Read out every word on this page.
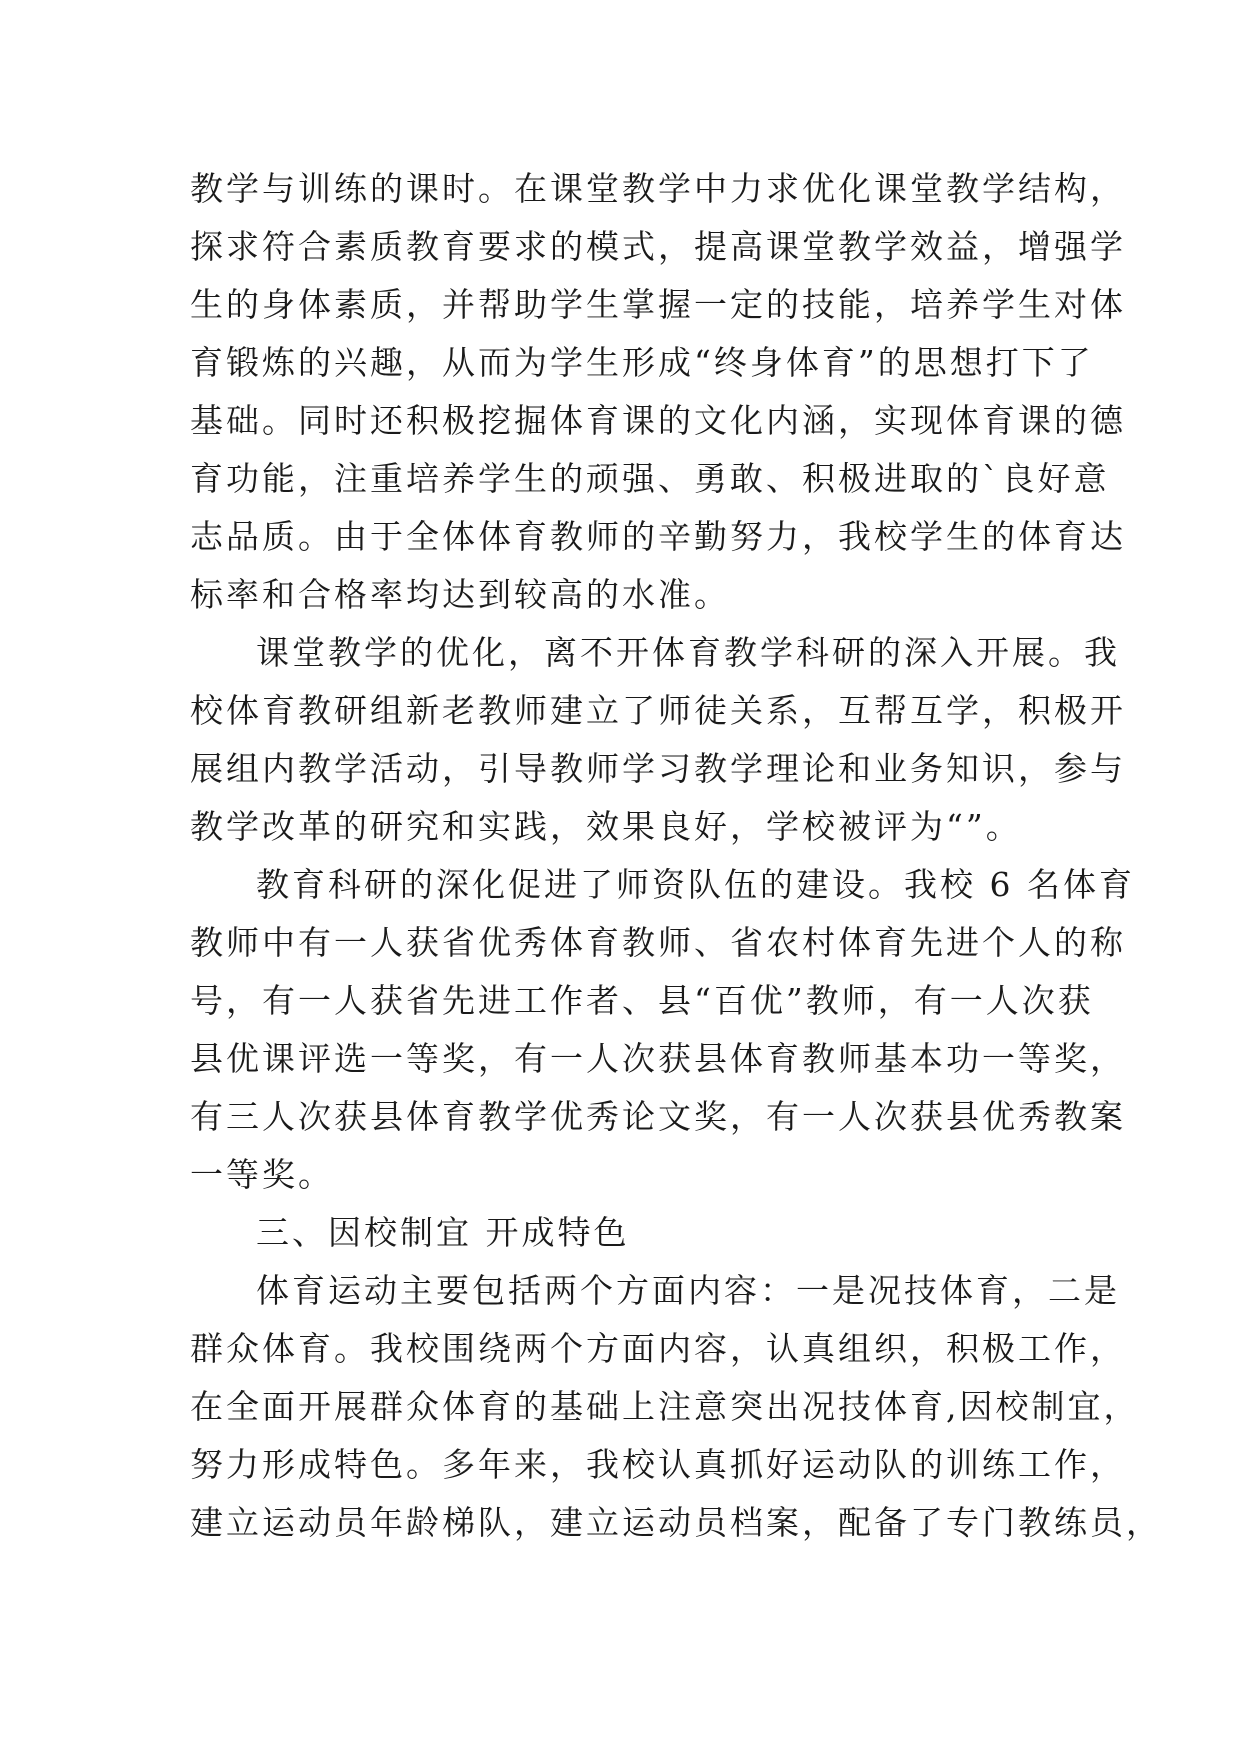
教学与训练的课时。在课堂教学中力求优化课堂教学结构，
探求符合素质教育要求的模式，提高课堂教学效益，增强学
生的身体素质，并帮助学生掌握一定的技能，培养学生对体
育锻炼的兴趣，从而为学生形成“终身体育”的思想打下了
基础。同时还积极挖掘体育课的文化内涵，实现体育课的德
育功能，注重培养学生的顽强、勇敢、积极进取的`良好意
志品质。由于全体体育教师的辛勤努力，我校学生的体育达
标率和合格率均达到较高的水准。

课堂教学的优化，离不开体育教学科研的深入开展。我
校体育教研组新老教师建立了师徒关系，互帮互学，积极开
展组内教学活动，引导教师学习教学理论和业务知识，参与
教学改革的研究和实践，效果良好，学校被评为“”。

教育科研的深化促进了师资队伍的建设。我校 6 名体育
教师中有一人获省优秀体育教师、省农村体育先进个人的称
号，有一人获省先进工作者、县“百优”教师，有一人次获
县优课评选一等奖，有一人次获县体育教师基本功一等奖，
有三人次获县体育教学优秀论文奖，有一人次获县优秀教案
一等奖。

三、因校制宜 开成特色

体育运动主要包括两个方面内容：一是况技体育，二是
群众体育。我校围绕两个方面内容，认真组织，积极工作，
在全面开展群众体育的基础上注意突出况技体育,因校制宜，
努力形成特色。多年来，我校认真抓好运动队的训练工作，
建立运动员年龄梯队，建立运动员档案，配备了专门教练员，
